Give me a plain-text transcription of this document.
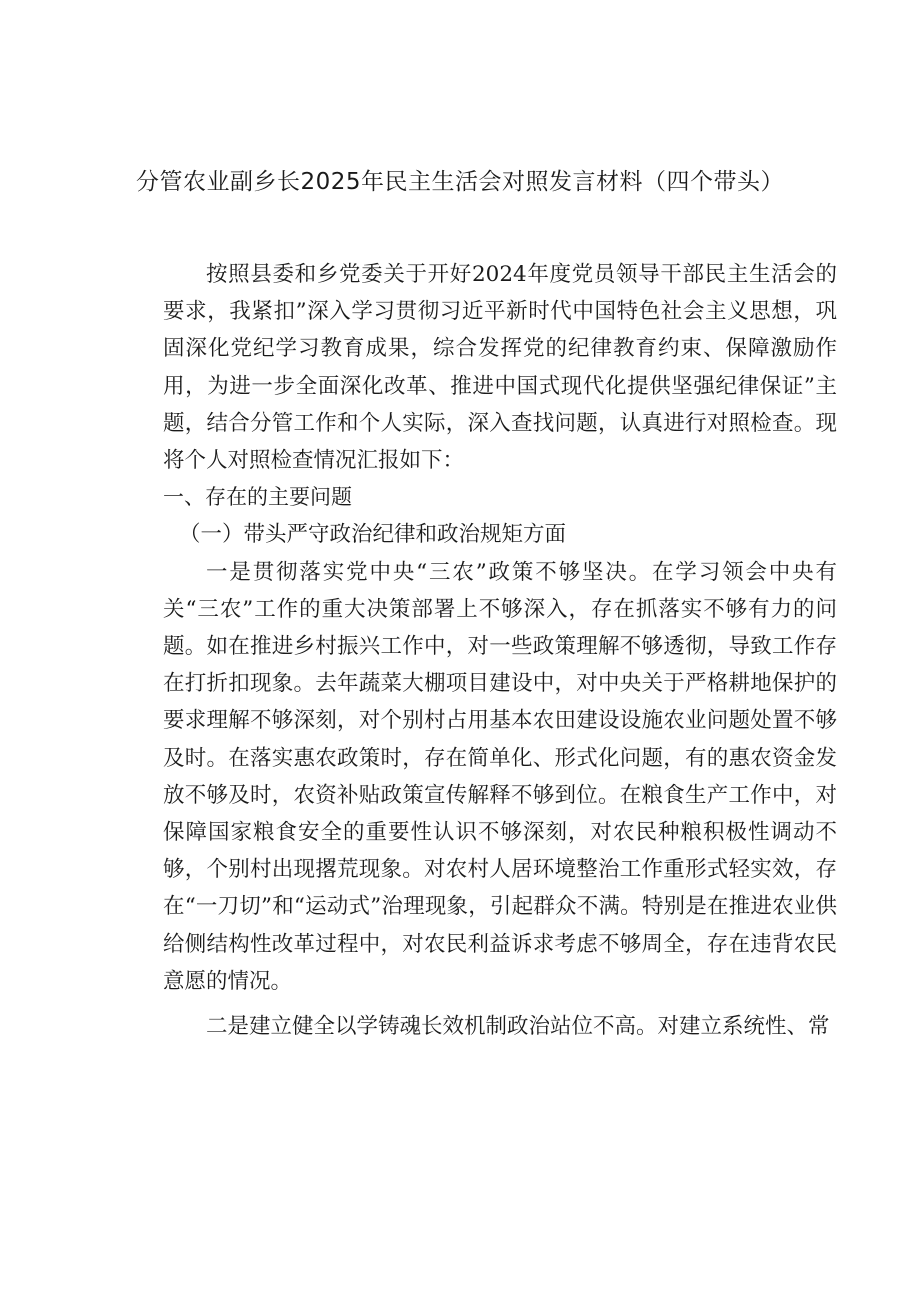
分管农业副乡长2025年民主生活会对照发言材料（四个带头）

按照县委和乡党委关于开好2024年度党员领导干部民主生活会的要求，我紧扣”深入学习贯彻习近平新时代中国特色社会主义思想，巩固深化党纪学习教育成果，综合发挥党的纪律教育约束、保障激励作用，为进一步全面深化改革、推进中国式现代化提供坚强纪律保证”主题，结合分管工作和个人实际，深入查找问题，认真进行对照检查。现将个人对照检查情况汇报如下：

一、存在的主要问题

（一）带头严守政治纪律和政治规矩方面

一是贯彻落实党中央“三农”政策不够坚决。在学习领会中央有关“三农”工作的重大决策部署上不够深入，存在抓落实不够有力的问题。如在推进乡村振兴工作中，对一些政策理解不够透彻，导致工作存在打折扣现象。去年蔬菜大棚项目建设中，对中央关于严格耕地保护的要求理解不够深刻，对个别村占用基本农田建设设施农业问题处置不够及时。在落实惠农政策时，存在简单化、形式化问题，有的惠农资金发放不够及时，农资补贴政策宣传解释不够到位。在粮食生产工作中，对保障国家粮食安全的重要性认识不够深刻，对农民种粮积极性调动不够，个别村出现撂荒现象。对农村人居环境整治工作重形式轻实效，存在“一刀切”和“运动式”治理现象，引起群众不满。特别是在推进农业供给侧结构性改革过程中，对农民利益诉求考虑不够周全，存在违背农民意愿的情况。

二是建立健全以学铸魂长效机制政治站位不高。对建立系统性、常
